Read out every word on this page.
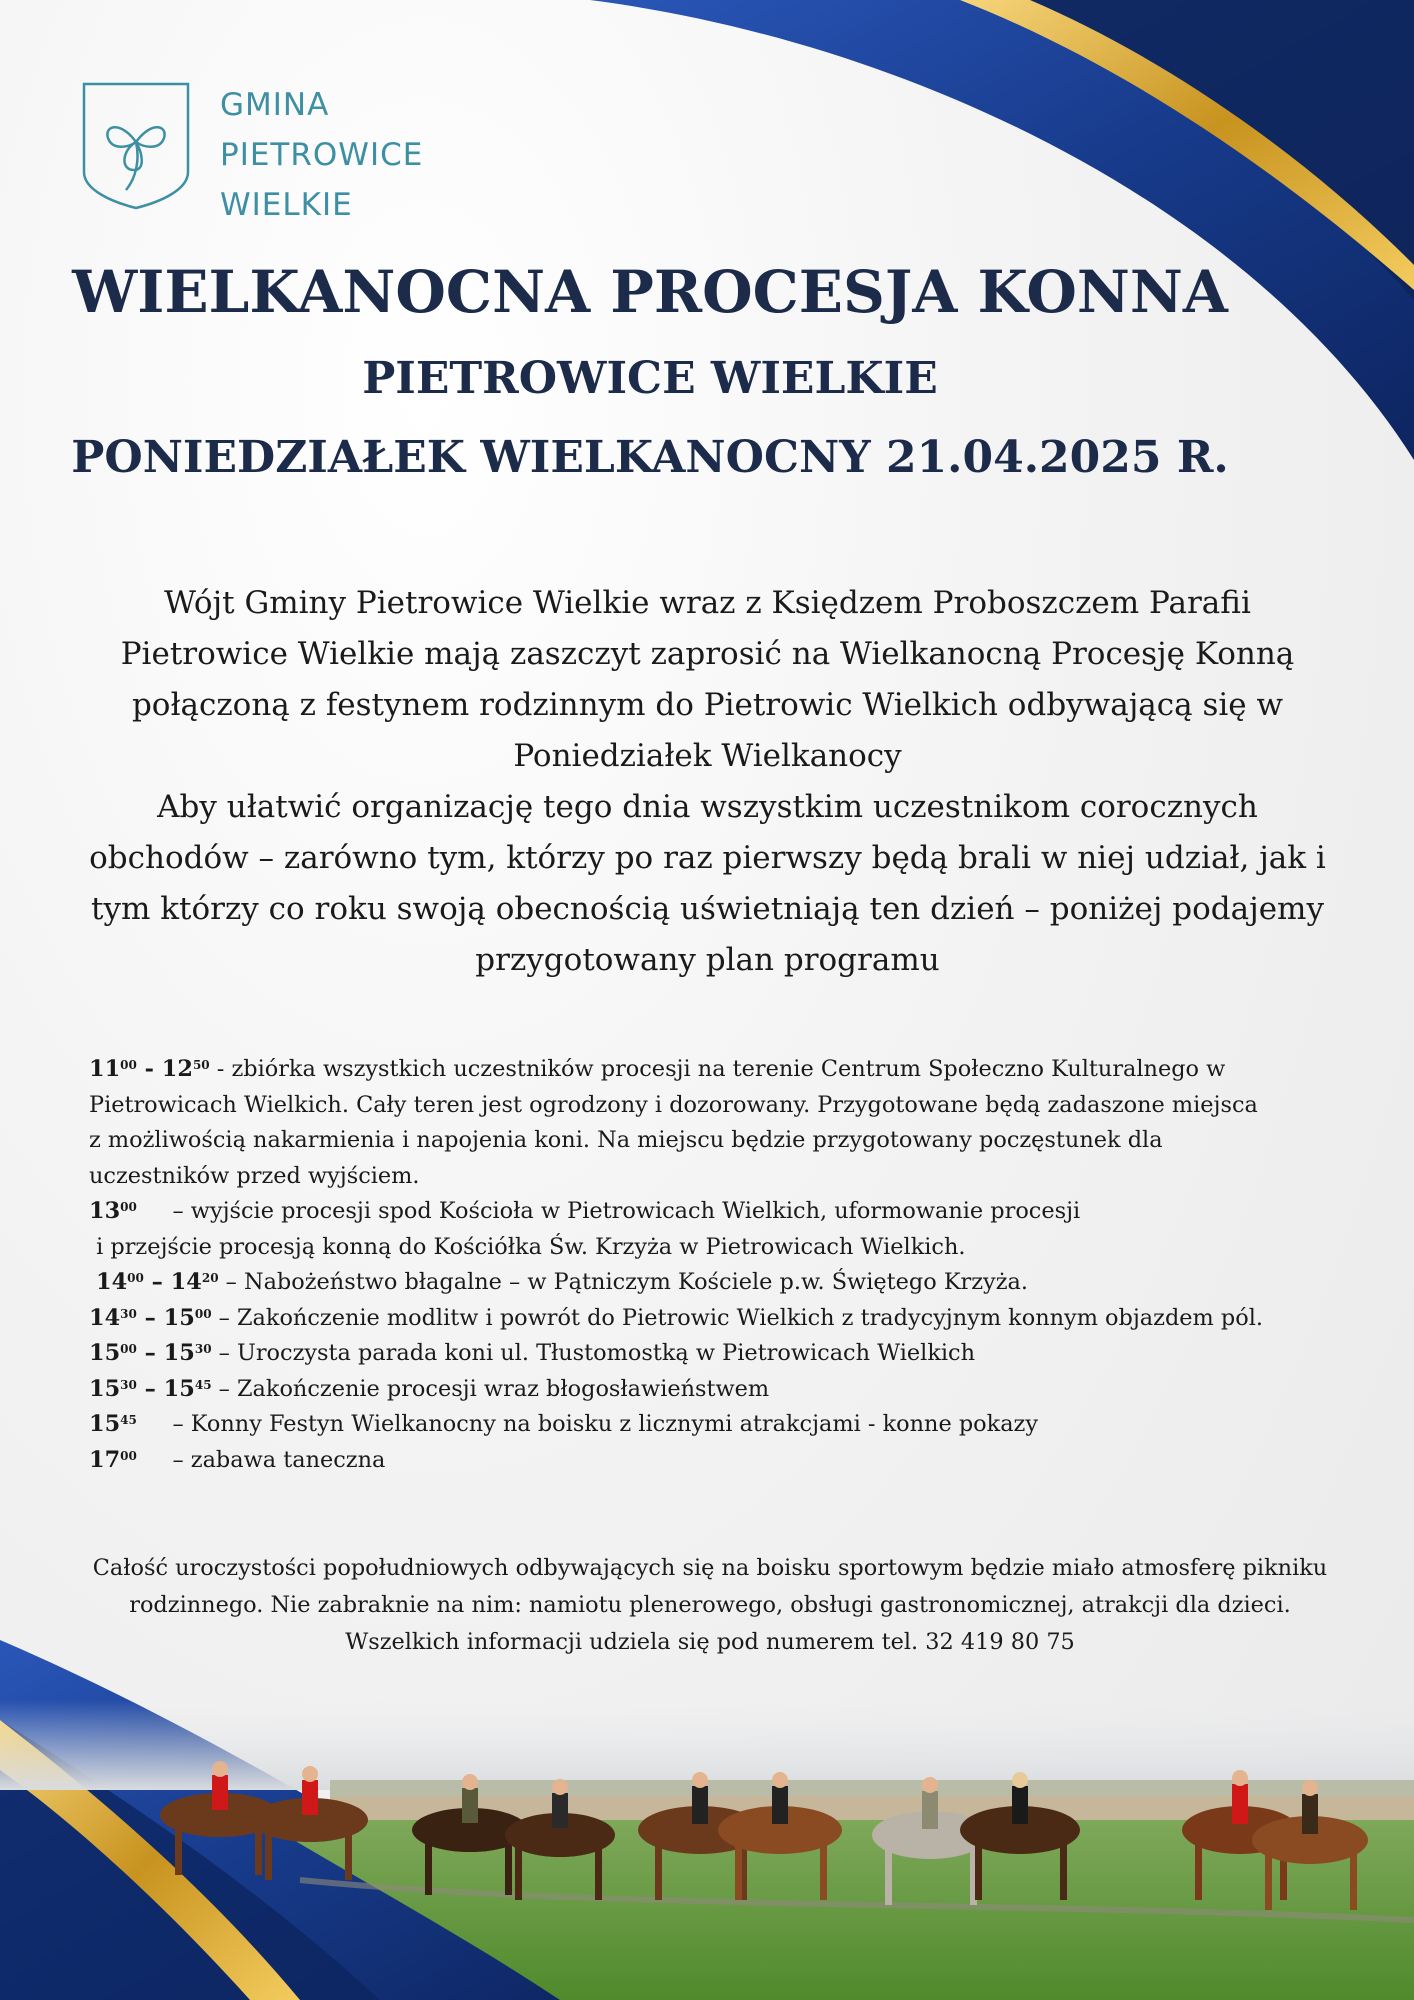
GMINA
PIETROWICE
WIELKIE
WIELKANOCNA PROCESJA KONNA
PIETROWICE WIELKIE
PONIEDZIAŁEK WIELKANOCNY 21.04.2025 R.

Wójt Gminy Pietrowice Wielkie wraz z Księdzem Proboszczem Parafii Pietrowice Wielkie mają zaszczyt zaprosić na Wielkanocną Procesję Konną połączoną z festynem rodzinnym do Pietrowic Wielkich odbywającą się w Poniedziałek Wielkanocy

Aby ułatwić organizację tego dnia wszystkim uczestnikom corocznych obchodów – zarówno tym, którzy po raz pierwszy będą brali w niej udział, jak i tym którzy co roku swoją obecnością uświetniają ten dzień – poniżej podajemy przygotowany plan programu

$11^{00} - 12^{50}$ - zbiórka wszystkich uczestników procesji na terenie Centrum Społeczno Kulturalnego w
Pietrowicach Wielkich. Cały teren jest ogrodzony i dozorowany. Przygotowane będą zadaszone miejsca
z możliwością nakarmienia i napojenia koni. Na miejscu będzie przygotowany poczęstunek dla
uczestników przed wyjściem.
$13^{00}$     – wyjście procesji spod Kościoła w Pietrowicach Wielkich, uformowanie procesji
i przejście procesją konną do Kościółka Św. Krzyża w Pietrowicach Wielkich.
$14^{00} - 14^{20}$ – Nabożeństwo błagalne – w Pątniczym Kościele p.w. Świętego Krzyża.
$14^{30} - 15^{00}$ – Zakończenie modlitw i powrót do Pietrowic Wielkich z tradycyjnym konnym objazdem pól.
$15^{00} - 15^{30}$ – Uroczysta parada koni ul. Tłustomostką w Pietrowicach Wielkich
$15^{30} - 15^{45}$ – Zakończenie procesji wraz błogosławieństwem
$15^{45}$     – Konny Festyn Wielkanocny na boisku z licznymi atrakcjami - konne pokazy
$17^{00}$     – zabawa taneczna
Całość uroczystości popołudniowych odbywających się na boisku sportowym będzie miało atmosferę pikniku
rodzinnego. Nie zabraknie na nim: namiotu plenerowego, obsługi gastronomicznej, atrakcji dla dzieci.
Wszelkich informacji udziela się pod numerem tel. 32 419 80 75
